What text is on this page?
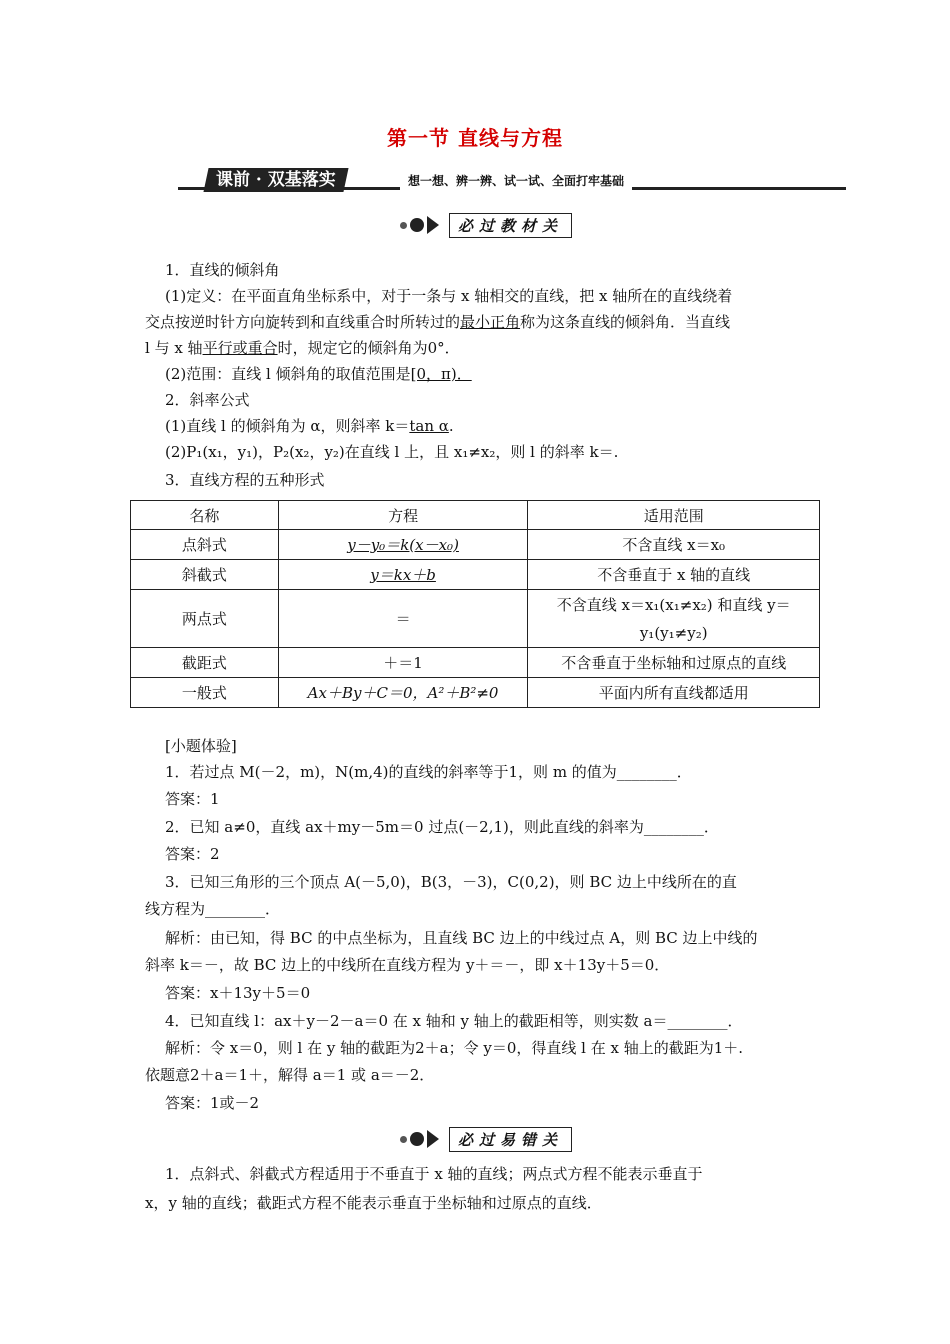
第一节 直线与方程
课前 · 双基落实	想一想、辨一辨、试一试、全面打牢基础
必过教材关
1．直线的倾斜角
(1)定义：在平面直角坐标系中，对于一条与 x 轴相交的直线，把 x 轴所在的直线绕着
交点按逆时针方向旋转到和直线重合时所转过的最小正角称为这条直线的倾斜角．当直线
l 与 x 轴平行或重合时，规定它的倾斜角为0°．
(2)范围：直线 l 倾斜角的取值范围是[0，π)．
2．斜率公式
(1)直线 l 的倾斜角为 α，则斜率 k＝tan α.
(2)P₁(x₁，y₁)，P₂(x₂，y₂)在直线 l 上，且 x₁≠x₂，则 l 的斜率 k＝.
3．直线方程的五种形式
名称	方程	适用范围
点斜式	y－y₀＝k(x－x₀)	不含直线 x＝x₀
斜截式	y＝kx＋b	不含垂直于 x 轴的直线
两点式	＝	不含直线 x＝x₁(x₁≠x₂) 和直线 y＝
y₁(y₁≠y₂)
截距式	＋＝1	不含垂直于坐标轴和过原点的直线
一般式	Ax＋By＋C＝0，A²＋B²≠0	平面内所有直线都适用
[小题体验]
1．若过点 M(－2，m)，N(m,4)的直线的斜率等于1，则 m 的值为________．
答案：1
2．已知 a≠0，直线 ax＋my－5m＝0 过点(－2,1)，则此直线的斜率为________．
答案：2
3．已知三角形的三个顶点 A(－5,0)，B(3，－3)，C(0,2)，则 BC 边上中线所在的直
线方程为________．
解析：由已知，得 BC 的中点坐标为，且直线 BC 边上的中线过点 A，则 BC 边上中线的
斜率 k＝－，故 BC 边上的中线所在直线方程为 y＋＝－，即 x＋13y＋5＝0．
答案：x＋13y＋5＝0
4．已知直线 l：ax＋y－2－a＝0 在 x 轴和 y 轴上的截距相等，则实数 a＝________．
解析：令 x＝0，则 l 在 y 轴的截距为2＋a；令 y＝0，得直线 l 在 x 轴上的截距为1＋.
依题意2＋a＝1＋，解得 a＝1 或 a＝－2．
答案：1或－2
必过易错关
1．点斜式、斜截式方程适用于不垂直于 x 轴的直线；两点式方程不能表示垂直于
x，y 轴的直线；截距式方程不能表示垂直于坐标轴和过原点的直线．
